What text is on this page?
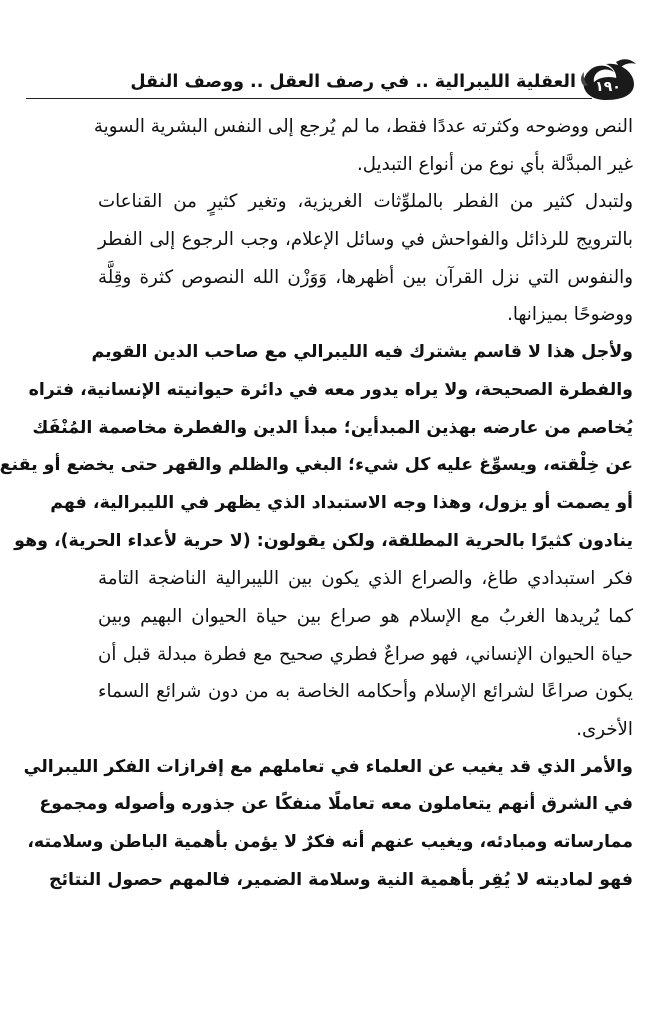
١٩٠
العقلية الليبرالية .. في رصف العقل .. ووصف النقل
النص ووضوحه وكثرته عددًا فقط، ما لم يُرجع إلى النفس البشرية السوية
غير المبدَّلة بأي نوع من أنواع التبديل.
ولتبدل كثير من الفطر بالملوِّثات الغريزية، وتغير كثيرٍ من القناعات
بالترويج للرذائل والفواحش في وسائل الإعلام، وجب الرجوع إلى الفطر
والنفوس التي نزل القرآن بين أظهرها، وَوَزْن الله النصوص كثرة وقِلَّة
ووضوحًا بميزانها.
ولأجل هذا لا قاسم يشترك فيه الليبرالي مع صاحب الدين القويم
والفطرة الصحيحة، ولا يراه يدور معه في دائرة حيوانيته الإنسانية، فتراه
يُخاصم من عارضه بهذين المبدأين؛ مبدأ الدين والفطرة مخاصمة المُنْفَك
عن خِلْقته، ويسوِّغ عليه كل شيء؛ البغي والظلم والقهر حتى يخضع أو يقنع
أو يصمت أو يزول، وهذا وجه الاستبداد الذي يظهر في الليبرالية، فهم
ينادون كثيرًا بالحرية المطلقة، ولكن يقولون: (لا حرية لأعداء الحرية)، وهو
فكر استبدادي طاغ، والصراع الذي يكون بين الليبرالية الناضجة التامة
كما يُريدها الغربُ مع الإسلام هو صراع بين حياة الحيوان البهيم وبين
حياة الحيوان الإنساني، فهو صراعٌ فطري صحيح مع فطرة مبدلة قبل أن
يكون صراعًا لشرائع الإسلام وأحكامه الخاصة به من دون شرائع السماء
الأخرى.
والأمر الذي قد يغيب عن العلماء في تعاملهم مع إفرازات الفكر الليبرالي
في الشرق أنهم يتعاملون معه تعاملًا منفكًا عن جذوره وأصوله ومجموع
ممارساته ومبادئه، ويغيب عنهم أنه فكرٌ لا يؤمن بأهمية الباطن وسلامته،
فهو لماديته لا يُقِر بأهمية النية وسلامة الضمير، فالمهم حصول النتائج
